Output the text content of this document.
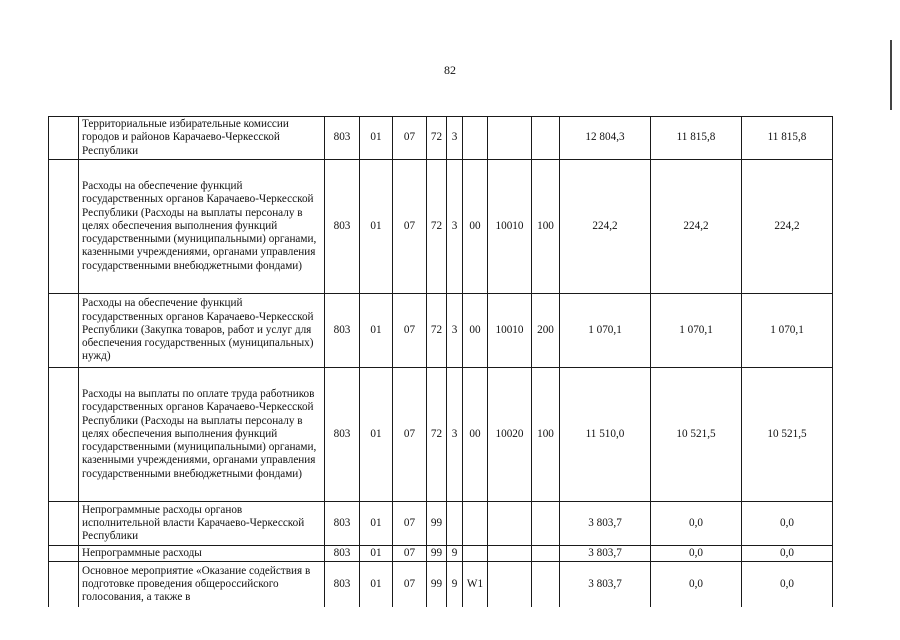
82
	Территориальные избирательные комиссии городов и районов Карачаево-Черкесской Республики	803	01	07	72	3				12 804,3	11 815,8	11 815,8
	Расходы на обеспечение функций государственных органов Карачаево-Черкесской Республики (Расходы на выплаты персоналу в целях обеспечения выполнения функций государственными (муниципальными) органами, казенными учреждениями, органами управления государственными внебюджетными фондами)	803	01	07	72	3	00	10010	100	224,2	224,2	224,2
	Расходы на обеспечение функций государственных органов Карачаево-Черкесской Республики (Закупка товаров, работ и услуг для обеспечения государственных (муниципальных) нужд)	803	01	07	72	3	00	10010	200	1 070,1	1 070,1	1 070,1
	Расходы на выплаты по оплате труда работников государственных органов Карачаево-Черкесской Республики (Расходы на выплаты персоналу в целях обеспечения выполнения функций государственными (муниципальными) органами, казенными учреждениями, органами управления государственными внебюджетными фондами)	803	01	07	72	3	00	10020	100	11 510,0	10 521,5	10 521,5
	Непрограммные расходы органов исполнительной власти Карачаево-Черкесской Республики	803	01	07	99					3 803,7	0,0	0,0
	Непрограммные расходы	803	01	07	99	9				3 803,7	0,0	0,0
	Основное мероприятие «Оказание содействия в подготовке проведения общероссийского голосования, а также в	803	01	07	99	9	W1			3 803,7	0,0	0,0
